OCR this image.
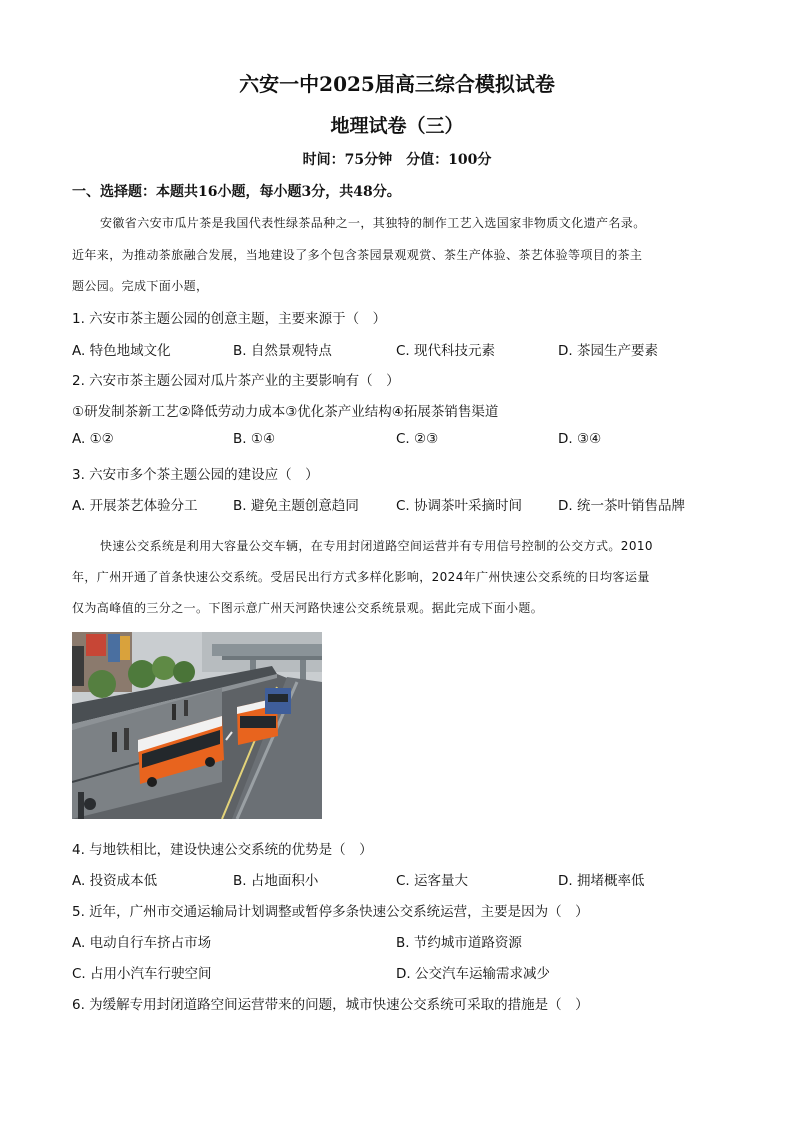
六安一中2025届高三综合模拟试卷
地理试卷（三）
时间：75分钟　分值：100分
一、选择题：本题共16小题，每小题3分，共48分。
安徽省六安市瓜片茶是我国代表性绿茶品种之一，其独特的制作工艺入选国家非物质文化遗产名录。
近年来，为推动茶旅融合发展，当地建设了多个包含茶园景观观赏、茶生产体验、茶艺体验等项目的茶主
题公园。完成下面小题，
1. 六安市茶主题公园的创意主题，主要来源于（　）
A. 特色地域文化	B. 自然景观特点	C. 现代科技元素	D. 茶园生产要素
2. 六安市茶主题公园对瓜片茶产业的主要影响有（　）
①研发制茶新工艺②降低劳动力成本③优化茶产业结构④拓展茶销售渠道
A. ①②	B. ①④	C. ②③	D. ③④
3. 六安市多个茶主题公园的建设应（　）
A. 开展茶艺体验分工	B. 避免主题创意趋同	C. 协调茶叶采摘时间	D. 统一茶叶销售品牌
快速公交系统是利用大容量公交车辆，在专用封闭道路空间运营并有专用信号控制的公交方式。2010
年，广州开通了首条快速公交系统。受居民出行方式多样化影响，2024年广州快速公交系统的日均客运量
仅为高峰值的三分之一。下图示意广州天河路快速公交系统景观。据此完成下面小题。
4. 与地铁相比，建设快速公交系统的优势是（　）
A. 投资成本低	B. 占地面积小	C. 运客量大	D. 拥堵概率低
5. 近年，广州市交通运输局计划调整或暂停多条快速公交系统运营，主要是因为（　）
A. 电动自行车挤占市场	B. 节约城市道路资源
C. 占用小汽车行驶空间	D. 公交汽车运输需求减少
6. 为缓解专用封闭道路空间运营带来的问题，城市快速公交系统可采取的措施是（　）
